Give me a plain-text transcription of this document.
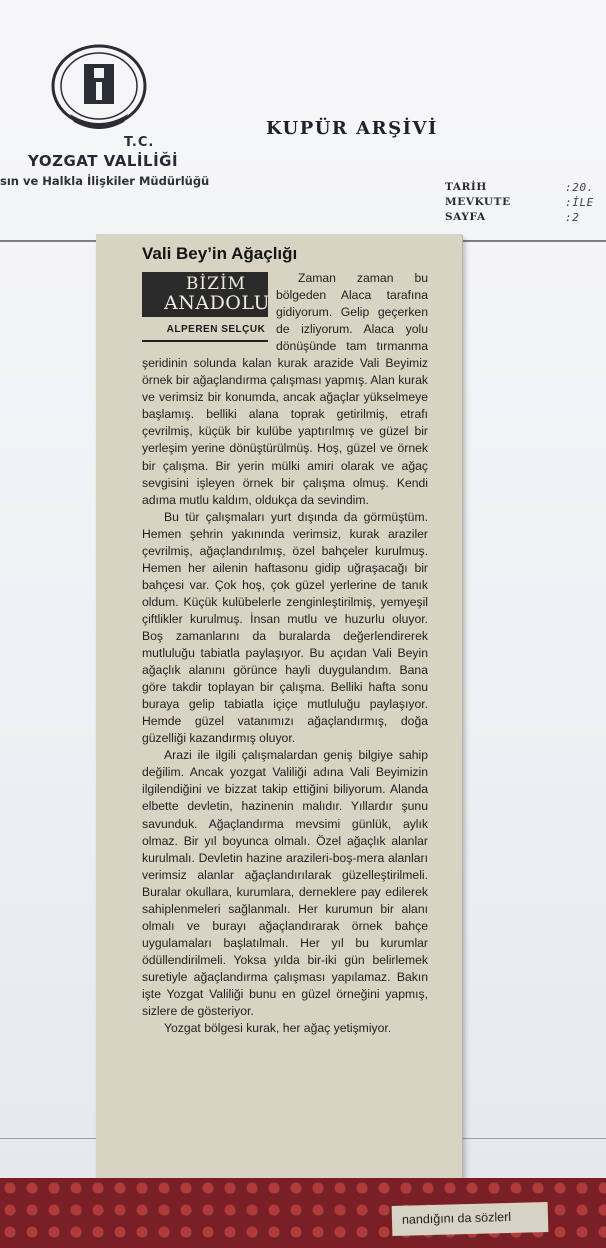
T.C.
YOZGAT VALİLİĞİ
sın ve Halkla İlişkiler Müdürlüğü
KUPÜR ARŞİVİ
TARİH	:20.
MEVKUTE	:İLE
SAYFA	:2
Vali Bey’in Ağaçlığı

BİZİM
ANADOLU
ALPEREN SELÇUK
Zaman zaman bu bölgeden Alaca tarafına gidiyorum. Gelip geçerken de izliyorum. Alaca yolu dönüşünde tam tırmanma şeridinin solunda kalan kurak arazide Vali Beyimiz örnek bir ağaçlandırma çalışması yapmış. Alan kurak ve verimsiz bir konumda, ancak ağaçlar yükselmeye başlamış. belliki alana toprak getirilmiş, etrafı çevrilmiş, küçük bir kulübe yaptırılmış ve güzel bir yerleşim yerine dönüştürülmüş. Hoş, güzel ve örnek bir çalışma. Bir yerin mülki amiri olarak ve ağaç sevgisini işleyen örnek bir çalışma olmuş. Kendi adıma mutlu kaldım, oldukça da sevindim.

Bu tür çalışmaları yurt dışında da görmüştüm. Hemen şehrin yakınında verimsiz, kurak araziler çevrilmiş, ağaçlandırılmış, özel bahçeler kurulmuş. Hemen her ailenin haftasonu gidip uğraşacağı bir bahçesi var. Çok hoş, çok güzel yerlerine de tanık oldum. Küçük kulübelerle zenginleştirilmiş, yemyeşil çiftlikler kurulmuş. İnsan mutlu ve huzurlu oluyor. Boş zamanlarını da buralarda değerlendirerek mutluluğu tabiatla paylaşıyor. Bu açıdan Vali Beyin ağaçlık alanını görünce hayli duygulandım. Bana göre takdir toplayan bir çalışma. Belliki hafta sonu buraya gelip tabiatla içiçe mutluluğu paylaşıyor. Hemde güzel vatanımızı ağaçlandırmış, doğa güzelliği kazandırmış oluyor.

Arazi ile ilgili çalışmalardan geniş bilgiye sahip değilim. Ancak yozgat Valiliği adına Vali Beyimizin ilgilendiğini ve bizzat takip ettiğini biliyorum. Alanda elbette devletin, hazinenin malıdır. Yıllardır şunu savunduk. Ağaçlandırma mevsimi günlük, aylık olmaz. Bir yıl boyunca olmalı. Özel ağaçlık alanlar kurulmalı. Devletin hazine arazileri-boş-mera alanları verimsiz alanlar ağaçlandırılarak güzelleştirilmeli. Buralar okullara, kurumlara, derneklere pay edilerek sahiplenmeleri sağlanmalı. Her kurumun bir alanı olmalı ve burayı ağaçlandırarak örnek bahçe uygulamaları başlatılmalı. Her yıl bu kurumlar ödüllendirilmeli. Yoksa yılda bir-iki gün belirlemek suretiyle ağaçlandırma çalışması yapılamaz. Bakın işte Yozgat Valiliği bunu en güzel örneğini yapmış, sizlere de gösteriyor.

Yozgat bölgesi kurak, her ağaç yetişmiyor.

nandığını da sözlerl
